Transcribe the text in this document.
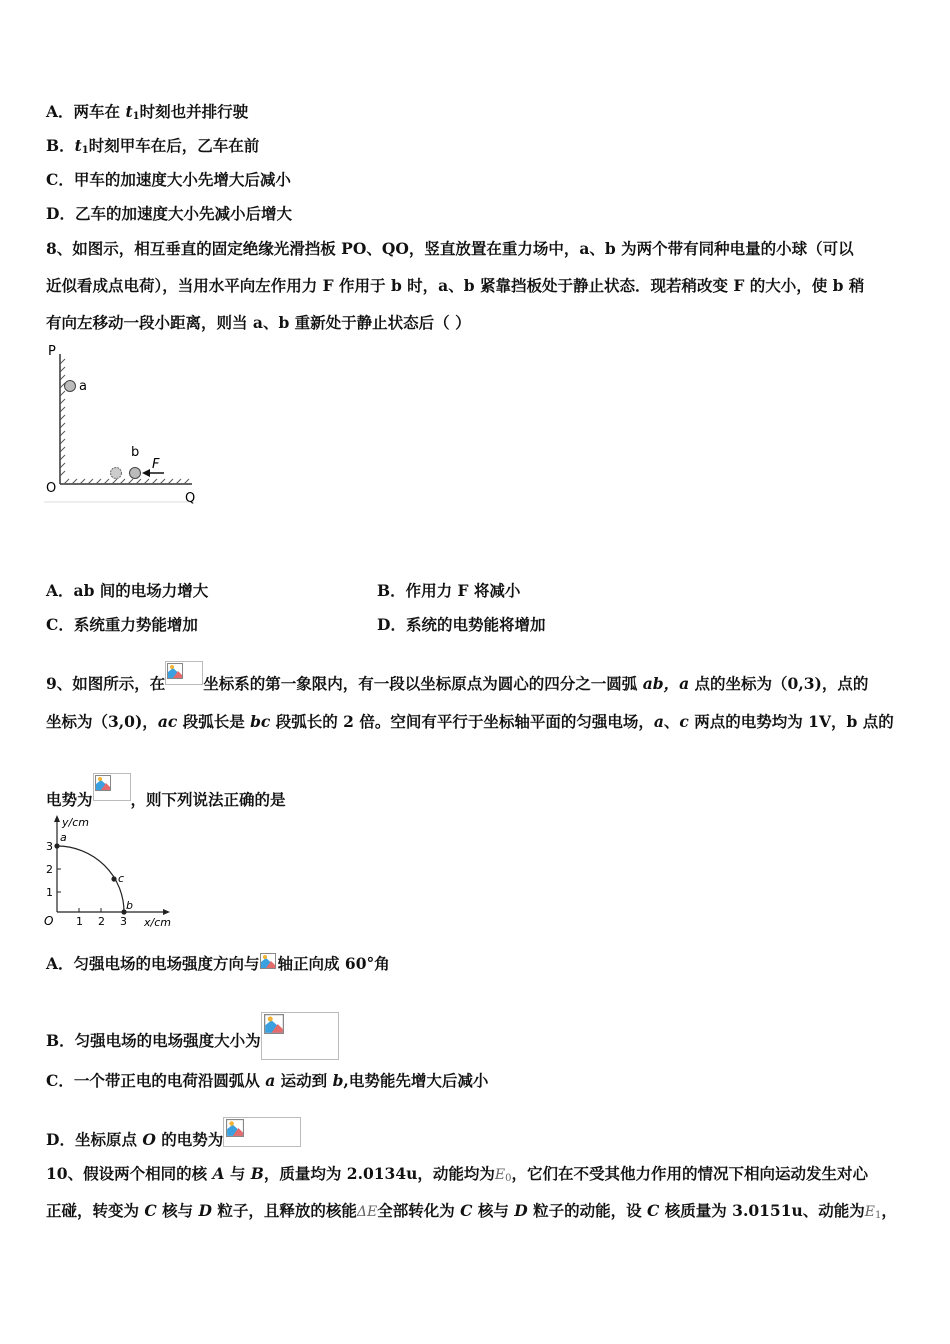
A．两车在 $t_1$时刻也并排行驶
B．$t_1$时刻甲车在后，乙车在前
C．甲车的加速度大小先增大后减小
D．乙车的加速度大小先减小后增大
8、如图示，相互垂直的固定绝缘光滑挡板 PO、QO，竖直放置在重力场中，a、b 为两个带有同种电量的小球（可以
近似看成点电荷），当用水平向左作用力 F 作用于 b 时，a、b 紧靠挡板处于静止状态．现若稍改变 F 的大小，使 b 稍
有向左移动一段小距离，则当 a、b 重新处于静止状态后（ ）
P
a
b
F
O
Q
A．ab 间的电场力增大	B．作用力 F 将减小
C．系统重力势能增加	D．系统的电势能将增加
9、如图所示，在 坐标系的第一象限内，有一段以坐标原点为圆心的四分之一圆弧 ab，a 点的坐标为（0,3)，点的
坐标为（3,0)，ac 段弧长是 bc 段弧长的 2 倍。空间有平行于坐标轴平面的匀强电场，a、c 两点的电势均为 1V，b 点的
电势为 ，则下列说法正确的是
y/cm
x/cm
O
1
2
3
1 2 3
a
c
b
A．匀强电场的电场强度方向与 轴正向成 60°角
B．匀强电场的电场强度大小为
C．一个带正电的电荷沿圆弧从 a 运动到 b,电势能先增大后减小
D．坐标原点 O 的电势为
10、假设两个相同的核 A 与 B，质量均为 2.0134u，动能均为$E_0$，它们在不受其他力作用的情况下相向运动发生对心
正碰，转变为 C 核与 D 粒子，且释放的核能ΔE全部转化为 C 核与 D 粒子的动能，设 C 核质量为 3.0151u、动能为$E_1$，
